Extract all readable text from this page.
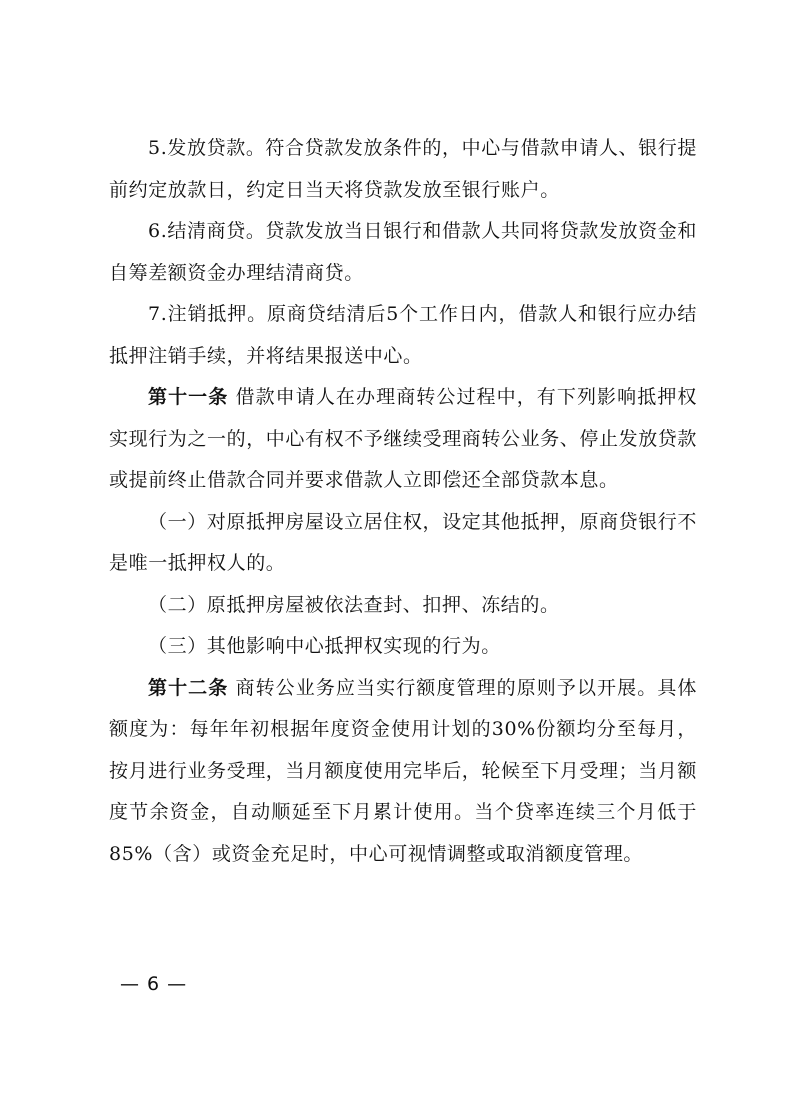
5.发放贷款。符合贷款发放条件的，中心与借款申请人、银行提前约定放款日，约定日当天将贷款发放至银行账户。

6.结清商贷。贷款发放当日银行和借款人共同将贷款发放资金和自筹差额资金办理结清商贷。

7.注销抵押。原商贷结清后5个工作日内，借款人和银行应办结抵押注销手续，并将结果报送中心。

第十一条 借款申请人在办理商转公过程中，有下列影响抵押权实现行为之一的，中心有权不予继续受理商转公业务、停止发放贷款或提前终止借款合同并要求借款人立即偿还全部贷款本息。

（一）对原抵押房屋设立居住权，设定其他抵押，原商贷银行不是唯一抵押权人的。

（二）原抵押房屋被依法查封、扣押、冻结的。

（三）其他影响中心抵押权实现的行为。

第十二条 商转公业务应当实行额度管理的原则予以开展。具体额度为：每年年初根据年度资金使用计划的30%份额均分至每月，按月进行业务受理，当月额度使用完毕后，轮候至下月受理；当月额度节余资金，自动顺延至下月累计使用。当个贷率连续三个月低于85%（含）或资金充足时，中心可视情调整或取消额度管理。

— 6 —
